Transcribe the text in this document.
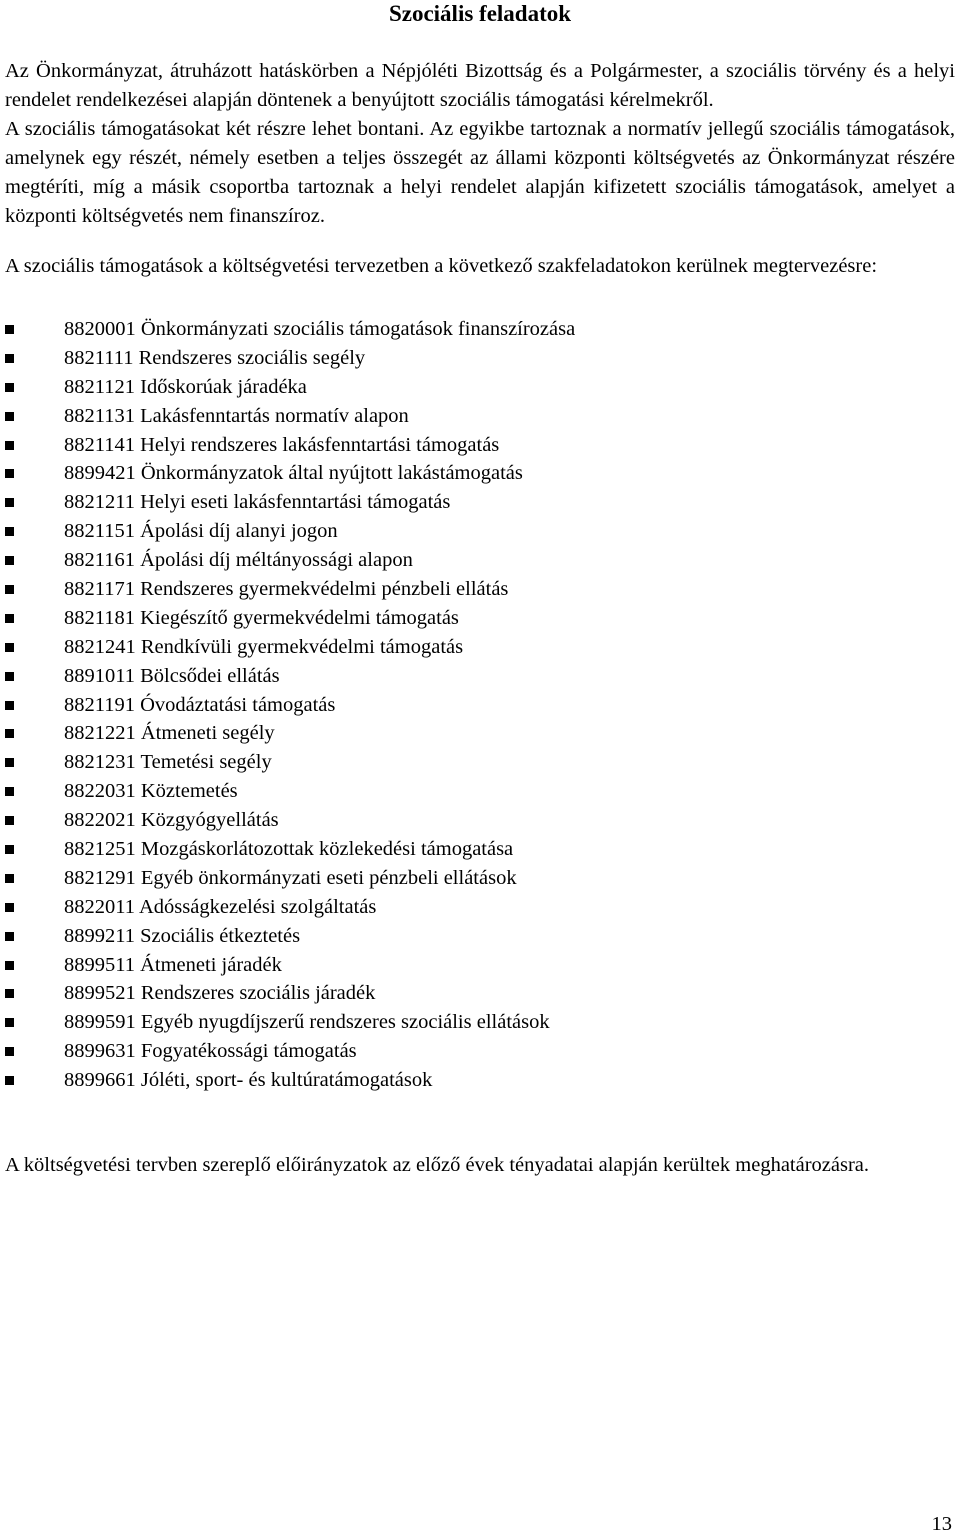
Szociális feladatok

Az Önkormányzat, átruházott hatáskörben a Népjóléti Bizottság és a Polgármester, a szociális törvény és a helyi rendelet rendelkezései alapján döntenek a benyújtott szociális támogatási kérelmekről.

A szociális támogatásokat két részre lehet bontani. Az egyikbe tartoznak a normatív jellegű szociális támogatások, amelynek egy részét, némely esetben a teljes összegét az állami központi költségvetés az Önkormányzat részére megtéríti, míg a másik csoportba tartoznak a helyi rendelet alapján kifizetett szociális támogatások, amelyet a központi költségvetés nem finanszíroz.

A szociális támogatások a költségvetési tervezetben a következő szakfeladatokon kerülnek megtervezésre:

8820001 Önkormányzati szociális támogatások finanszírozása
8821111 Rendszeres szociális segély
8821121 Időskorúak járadéka
8821131 Lakásfenntartás normatív alapon
8821141 Helyi rendszeres lakásfenntartási támogatás
8899421 Önkormányzatok által nyújtott lakástámogatás
8821211 Helyi eseti lakásfenntartási támogatás
8821151 Ápolási díj alanyi jogon
8821161 Ápolási díj méltányossági alapon
8821171 Rendszeres gyermekvédelmi pénzbeli ellátás
8821181 Kiegészítő gyermekvédelmi támogatás
8821241 Rendkívüli gyermekvédelmi támogatás
8891011 Bölcsődei ellátás
8821191 Óvodáztatási támogatás
8821221 Átmeneti segély
8821231 Temetési segély
8822031 Köztemetés
8822021 Közgyógyellátás
8821251 Mozgáskorlátozottak közlekedési támogatása
8821291 Egyéb önkormányzati eseti pénzbeli ellátások
8822011 Adósságkezelési szolgáltatás
8899211 Szociális étkeztetés
8899511 Átmeneti járadék
8899521 Rendszeres szociális járadék
8899591 Egyéb nyugdíjszerű rendszeres szociális ellátások
8899631 Fogyatékossági támogatás
8899661 Jóléti, sport- és kultúratámogatások

A költségvetési tervben szereplő előirányzatok az előző évek tényadatai alapján kerültek meghatározásra.

13
